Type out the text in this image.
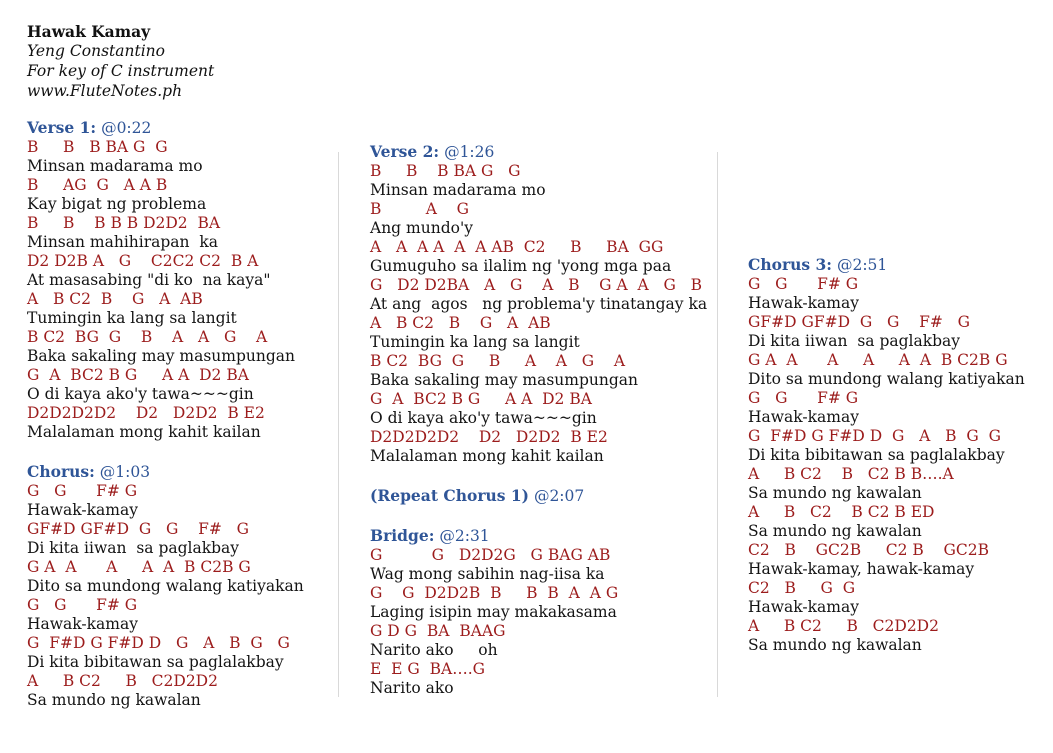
Hawak Kamay
Yeng Constantino
For key of C instrument
www.FluteNotes.ph
Verse 1: @0:22
B     B   B BA G  G
Minsan madarama mo
B     AG  G   A A B
Kay bigat ng problema
B     B    B B B D2D2  BA
Minsan mahihirapan  ka
D2 D2B A   G    C2C2 C2  B A
At masasabing "di ko  na kaya"
A   B C2  B    G   A  AB
Tumingin ka lang sa langit
B C2  BG  G    B    A   A   G    A
Baka sakaling may masumpungan
G  A  BC2 B G     A A  D2 BA
O di kaya ako'y tawa~~~gin
D2D2D2D2    D2   D2D2  B E2
Malalaman mong kahit kailan
Chorus: @1:03
G   G      F# G
Hawak-kamay
GF#D GF#D  G   G    F#   G
Di kita iiwan  sa paglakbay
G A  A      A     A  A  B C2B G
Dito sa mundong walang katiyakan
G   G      F# G
Hawak-kamay
G  F#D G F#D D   G   A   B  G   G
Di kita bibitawan sa paglalakbay
A     B C2     B   C2D2D2
Sa mundo ng kawalan
Verse 2: @1:26
B     B    B BA G   G
Minsan madarama mo
B         A    G
Ang mundo'y
A   A  A A  A  A AB  C2     B     BA  GG
Gumuguho sa ilalim ng 'yong mga paa
G   D2 D2BA   A   G    A   B    G A  A   G   B
At ang  agos   ng problema'y tinatangay ka
A   B C2   B    G   A  AB
Tumingin ka lang sa langit
B C2  BG  G     B     A    A   G    A
Baka sakaling may masumpungan
G  A  BC2 B G     A A  D2 BA
O di kaya ako'y tawa~~~gin
D2D2D2D2    D2   D2D2  B E2
Malalaman mong kahit kailan
(Repeat Chorus 1) @2:07
Bridge: @2:31
G          G   D2D2G   G BAG AB
Wag mong sabihin nag-iisa ka
G    G  D2D2B  B     B  B  A  A G
Laging isipin may makakasama
G D G  BA  BAAG
Narito ako     oh
E  E G  BA….G
Narito ako
Chorus 3: @2:51
G   G      F# G
Hawak-kamay
GF#D GF#D  G   G    F#   G
Di kita iiwan  sa paglakbay
G A  A      A     A     A  A  B C2B G
Dito sa mundong walang katiyakan
G   G      F# G
Hawak-kamay
G  F#D G F#D D  G   A   B  G  G
Di kita bibitawan sa paglalakbay
A     B C2    B   C2 B B….A
Sa mundo ng kawalan
A     B   C2    B C2 B ED
Sa mundo ng kawalan
C2   B    GC2B     C2 B    GC2B
Hawak-kamay, hawak-kamay
C2   B     G  G
Hawak-kamay
A     B C2     B   C2D2D2
Sa mundo ng kawalan
